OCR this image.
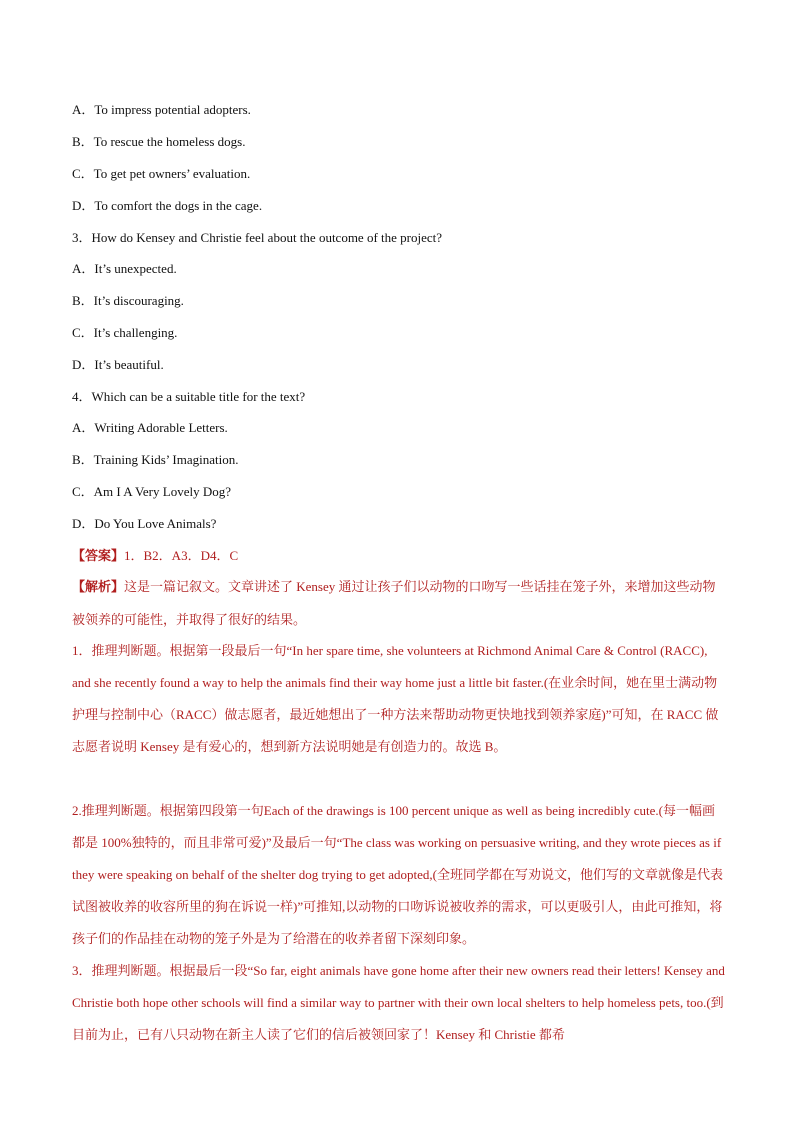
A．To impress potential adopters.
B．To rescue the homeless dogs.
C．To get pet owners’ evaluation.
D．To comfort the dogs in the cage.
3．How do Kensey and Christie feel about the outcome of the project?
A．It’s unexpected.
B．It’s discouraging.
C．It’s challenging.
D．It’s beautiful.
4．Which can be a suitable title for the text?
A．Writing Adorable Letters.
B．Training Kids’ Imagination.
C．Am I A Very Lovely Dog?
D．Do You Love Animals?
【答案】1．B2．A3．D4．C
【解析】这是一篇记叙文。文章讲述了 Kensey 通过让孩子们以动物的口吻写一些话挂在笼子外，来增加这些动物被领养的可能性，并取得了很好的结果。
1．推理判断题。根据第一段最后一句“In her spare time, she volunteers at Richmond Animal Care & Control (RACC), and she recently found a way to help the animals find their way home just a little bit faster.(在业余时间，她在里士满动物护理与控制中心（RACC）做志愿者，最近她想出了一种方法来帮助动物更快地找到领养家庭)”可知，在 RACC 做志愿者说明 Kensey 是有爱心的，想到新方法说明她是有创造力的。故选 B。
2.推理判断题。根据第四段第一句Each of the drawings is 100 percent unique as well as being incredibly cute.(每一幅画都是 100%独特的，而且非常可爱)”及最后一句“The class was working on persuasive writing, and they wrote pieces as if they were speaking on behalf of the shelter dog trying to get adopted,(全班同学都在写劝说文，他们写的文章就像是代表试图被收养的收容所里的狗在诉说一样)”可推知,以动物的口吻诉说被收养的需求，可以更吸引人，由此可推知，将孩子们的作品挂在动物的笼子外是为了给潜在的收养者留下深刻印象。
3．推理判断题。根据最后一段“So far, eight animals have gone home after their new owners read their letters! Kensey and Christie both hope other schools will find a similar way to partner with their own local shelters to help homeless pets, too.(到目前为止，已有八只动物在新主人读了它们的信后被领回家了！Kensey 和 Christie 都希
